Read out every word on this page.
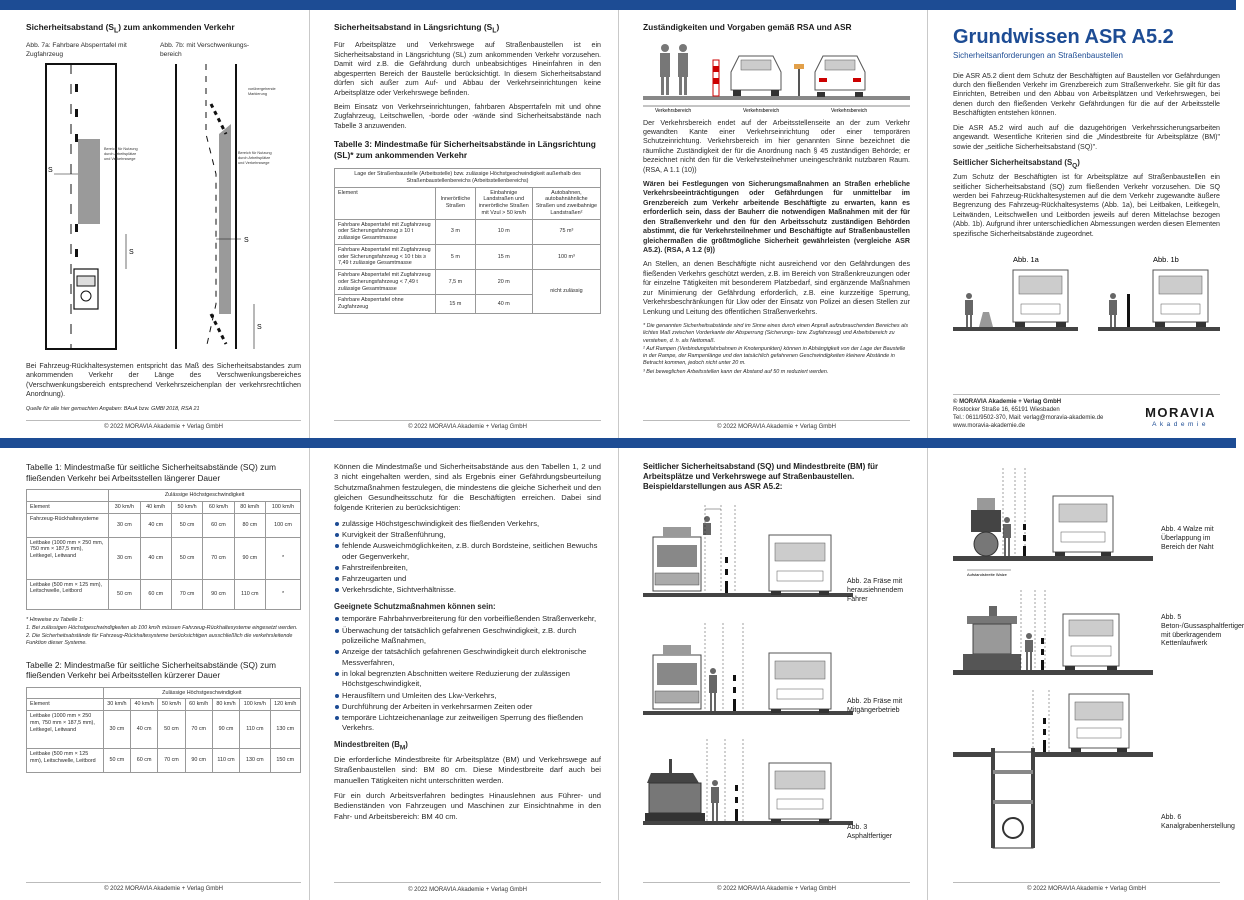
Sicherheitsabstand $(S_L)$ zum ankommenden Verkehr
Abb. 7a: Fahrbare Absperrtafel mit Zugfahrzeug
Abb. 7b: mit Verschwenkungs-bereich
S
S
Bereich für Nutzung
durch Arbeitsplätze
und Verkehrswege
vorübergehende
Markierung
Bereich für Nutzung
durch Arbeitsplätze
und Verkehrswege
S
S

Bei Fahrzeug-Rückhaltesystemen entspricht das Maß des Sicherheitsabstandes zum ankommenden Verkehr der Länge des Verschwenkungsbereiches (Verschwenkungsbereich entsprechend Verkehrszeichenplan der verkehrsrechtlichen Anordnung).

Quelle für alle hier gemachten Angaben: BAuA bzw. GMBl 2018, RSA 21
© 2022 MORAVIA Akademie + Verlag GmbH
Sicherheitsabstand in Längsrichtung $(S_L)$

Für Arbeitsplätze und Verkehrswege auf Straßenbaustellen ist ein Sicherheitsabstand in Längsrichtung (SL) zum ankommenden Verkehr vorzusehen. Damit wird z.B. die Gefährdung durch unbeabsichtiges Hineinfahren in den abgesperrten Bereich der Baustelle berücksichtigt. In diesem Sicherheitsabstand dürfen sich außer zum Auf- und Abbau der Verkehrseinrichtungen keine Arbeitsplätze oder Verkehrswege befinden.

Beim Einsatz von Verkehrseinrichtungen, fahrbaren Absperrtafeln mit und ohne Zugfahrzeug, Leitschwellen, -borde oder -wände sind Sicherheitsabstände nach Tabelle 3 anzuwenden.

Tabelle 3: Mindestmaße für Sicherheitsabstände in Längsrichtung (SL)* zum ankommenden Verkehr
Lage der Straßenbaustelle (Arbeitsstelle) bzw. zulässige Höchstgeschwindigkeit außerhalb des Straßenbaustellenbereichs (Arbeitsstellenbereichs)			
Element	Innerörtliche Straßen	Einbahnige Landstraßen und innerörtliche Straßen mit Vzul > 50 km/h	Autobahnen, autobahnähnliche Straßen und zweibahnige Landstraßen²
Fahrbare Absperrtafel mit Zugfahrzeug oder Sicherungsfahrzeug ≥ 10 t zulässige Gesamtmasse	3 m	10 m	75 m³
Fahrbare Absperrtafel mit Zugfahrzeug oder Sicherungsfahrzeug < 10 t bis ≥ 7,49 t zulässige Gesamtmasse	5 m	15 m	100 m³
Fahrbare Absperrtafel mit Zugfahrzeug oder Sicherungsfahrzeug < 7,49 t zulässige Gesamtmasse	7,5 m	20 m	nicht zulässig
Fahrbare Absperrtafel ohne Zugfahrzeug	15 m	40 m	
© 2022 MORAVIA Akademie + Verlag GmbH
Zuständigkeiten und Vorgaben gemäß RSA und ASR
Verkehrsbereich	Verkehrsbereich	Verkehrsbereich

Der Verkehrsbereich endet auf der Arbeitsstellenseite an der zum Verkehr gewandten Kante einer Verkehrseinrichtung oder einer temporären Schutzeinrichtung. Verkehrsbereich im hier genannten Sinne bezeichnet die räumliche Zuständigkeit der für die Anordnung nach § 45 zuständigen Behörde; er bezeichnet nicht den für die Verkehrsteilnehmer uneingeschränkt nutzbaren Raum. (RSA, A 1.1 (10))

Wären bei Festlegungen von Sicherungsmaßnahmen an Straßen erhebliche Verkehrsbeeinträchtigungen oder Gefährdungen für unmittelbar im Grenzbereich zum Verkehr arbeitende Beschäftigte zu erwarten, kann es erforderlich sein, dass der Bauherr die notwendigen Maßnahmen mit der für den Straßenverkehr und den für den Arbeitsschutz zuständigen Behörden abstimmt, die für Verkehrsteilnehmer und Beschäftigte auf Straßenbaustellen gleichermaßen die größtmögliche Sicherheit gewährleisten (vergleiche ASR A5.2). (RSA, A 1.2 (9))

An Stellen, an denen Beschäftigte nicht ausreichend vor den Gefährdungen des fließenden Verkehrs geschützt werden, z.B. im Bereich von Straßenkreuzungen oder für einzelne Tätigkeiten mit besonderem Platzbedarf, sind ergänzende Maßnahmen zur Minimierung der Gefährdung erforderlich, z.B. eine kurzzeitige Sperrung, Verkehrsbeschränkungen für Lkw oder der Einsatz von Polizei an diesen Stellen zur Lenkung und Leitung des öffentlichen Straßenverkehrs.

* Die genannten Sicherheitsabstände sind im Sinne eines durch einen Anprall aufzubrauchenden Bereiches als lichtes Maß zwischen Vorderkante der Absperrung (Sicherungs- bzw. Zugfahrzeug) und Arbeitsbereich zu verstehen, d. h. als Nettomaß.
² Auf Rampen (Verbindungsfahrbahnen in Knotenpunkten) können in Abhängigkeit von der Lage der Baustelle in der Rampe, der Rampenlänge und den tatsächlich gefahrenen Geschwindigkeiten kleinere Abstände in Betracht kommen, jedoch nicht unter 20 m.
³ Bei beweglichen Arbeitsstellen kann der Abstand auf 50 m reduziert werden.
© 2022 MORAVIA Akademie + Verlag GmbH
Grundwissen ASR A5.2
Sicherheitsanforderungen an Straßenbaustellen

Die ASR A5.2 dient dem Schutz der Beschäftigten auf Baustellen vor Gefährdungen durch den fließenden Verkehr im Grenzbereich zum Straßenverkehr. Sie gilt für das Einrichten, Betreiben und den Abbau von Arbeitsplätzen und Verkehrswegen, bei denen durch den fließenden Verkehr Gefährdungen für die auf der Arbeitsstelle Beschäftigten entstehen können.

Die ASR A5.2 wird auch auf die dazugehörigen Verkehrssicherungsarbeiten angewandt. Wesentliche Kriterien sind die „Mindestbreite für Arbeitsplätze (BM)" sowie der „seitliche Sicherheitsabstand (SQ)".

Seitlicher Sicherheitsabstand $(S_Q)$

Zum Schutz der Beschäftigten ist für Arbeitsplätze auf Straßenbaustellen ein seitlicher Sicherheitsabstand (SQ) zum fließenden Verkehr vorzusehen. Die SQ werden bei Fahrzeug-Rückhaltesystemen auf die dem Verkehr zugewandte äußere Begrenzung des Fahrzeug-Rückhaltesystems (Abb. 1a), bei Leitbaken, Leitkegeln, Leitwänden, Leitschwellen und Leitborden jeweils auf deren Mittelachse bezogen (Abb. 1b). Aufgrund ihrer unterschiedlichen Abmessungen werden diesen Elementen spezifische Sicherheitsabstände zugeordnet.

Abb. 1a	Abb. 1b
© MORAVIA Akademie + Verlag GmbH
Rostocker Straße 16, 65191 Wiesbaden
Tel.: 0611/9502-370, Mail: verlag@moravia-akademie.de
www.moravia-akademie.de
MORAVIA
Akademie
Tabelle 1: Mindestmaße für seitliche Sicherheitsabstände (SQ) zum fließenden Verkehr bei Arbeitsstellen längerer Dauer
	Zulässige Höchstgeschwindigkeit					
Element	30 km/h	40 km/h	50 km/h	60 km/h	80 km/h	100 km/h
Fahrzeug-Rückhaltesysteme	30 cm	40 cm	50 cm	60 cm	80 cm	100 cm
Leitbake (1000 mm × 250 mm, 750 mm × 187,5 mm), Leitkegel, Leitwand	30 cm	40 cm	50 cm	70 cm	90 cm	*
Leitbake (500 mm × 125 mm), Leitschwelle, Leitbord	50 cm	60 cm	70 cm	90 cm	110 cm	*
* Hinweise zu Tabelle 1:
1. Bei zulässigen Höchstgeschwindigkeiten ab 100 km/h müssen Fahrzeug-Rückhaltesysteme eingesetzt werden.
2. Die Sicherheitsabstände für Fahrzeug-Rückhaltesysteme berücksichtigen ausschließlich die verkehrsleitende Funktion dieser Systeme.
Tabelle 2: Mindestmaße für seitliche Sicherheitsabstände (SQ) zum fließenden Verkehr bei Arbeitsstellen kürzerer Dauer
	Zulässige Höchstgeschwindigkeit						
Element	30 km/h	40 km/h	50 km/h	60 km/h	80 km/h	100 km/h	120 km/h
Leitbake (1000 mm × 250 mm, 750 mm × 187,5 mm), Leitkegel, Leitwand	30 cm	40 cm	50 cm	70 cm	90 cm	110 cm	130 cm
Leitbake (500 mm × 125 mm), Leitschwelle, Leitbord	50 cm	60 cm	70 cm	90 cm	110 cm	130 cm	150 cm
© 2022 MORAVIA Akademie + Verlag GmbH

Können die Mindestmaße und Sicherheitsabstände aus den Tabellen 1, 2 und 3 nicht eingehalten werden, sind als Ergebnis einer Gefährdungsbeurteilung Schutzmaßnahmen festzulegen, die mindestens die gleiche Sicherheit und den gleichen Gesundheitsschutz für die Beschäftigten erreichen. Dabei sind folgende Kriterien zu berücksichtigen:

zulässige Höchstgeschwindigkeit des fließenden Verkehrs,
Kurvigkeit der Straßenführung,
fehlende Ausweichmöglichkeiten, z.B. durch Bordsteine, seitlichen Bewuchs oder Gegenverkehr,
Fahrstreifenbreiten,
Fahrzeugarten und
Verkehrsdichte, Sichtverhältnisse.
Geeignete Schutzmaßnahmen können sein:
temporäre Fahrbahnverbreiterung für den vorbeifließenden Straßenverkehr,
Überwachung der tatsächlich gefahrenen Geschwindigkeit, z.B. durch polizeiliche Maßnahmen,
Anzeige der tatsächlich gefahrenen Geschwindigkeit durch elektronische Messverfahren,
in lokal begrenzten Abschnitten weitere Reduzierung der zulässigen Höchstgeschwindigkeit,
Herausfiltern und Umleiten des Lkw-Verkehrs,
Durchführung der Arbeiten in verkehrsarmen Zeiten oder
temporäre Lichtzeichenanlage zur zeitweiligen Sperrung des fließenden Verkehrs.
Mindestbreiten $(B_M)$

Die erforderliche Mindestbreite für Arbeitsplätze (BM) und Verkehrswege auf Straßenbaustellen sind: BM 80 cm. Diese Mindestbreite darf auch bei manuellen Tätigkeiten nicht unterschritten werden.

Für ein durch Arbeitsverfahren bedingtes Hinauslehnen aus Führer- und Bedienständen von Fahrzeugen und Maschinen zur Einsichtnahme in den Fahr- und Arbeitsbereich: BM 40 cm.

© 2022 MORAVIA Akademie + Verlag GmbH
Seitlicher Sicherheitsabstand (SQ) und Mindestbreite (BM) für Arbeitsplätze und Verkehrswege auf Straßenbaustellen. Beispieldarstellungen aus ASR A5.2:
Abb. 2a Fräse mit herausiehnendem Fahrer
Abb. 2b Fräse mit Mitgängerbetrieb
Abb. 3 Asphaltfertiger
© 2022 MORAVIA Akademie + Verlag GmbH
Aufstandsbreite Walze
Abb. 4 Walze mit Überlappung im Bereich der Naht
Abb. 5 Beton-/Gussasphaltfertiger mit überkragendem Kettenlaufwerk
Abb. 6 Kanalgrabenherstellung
© 2022 MORAVIA Akademie + Verlag GmbH
